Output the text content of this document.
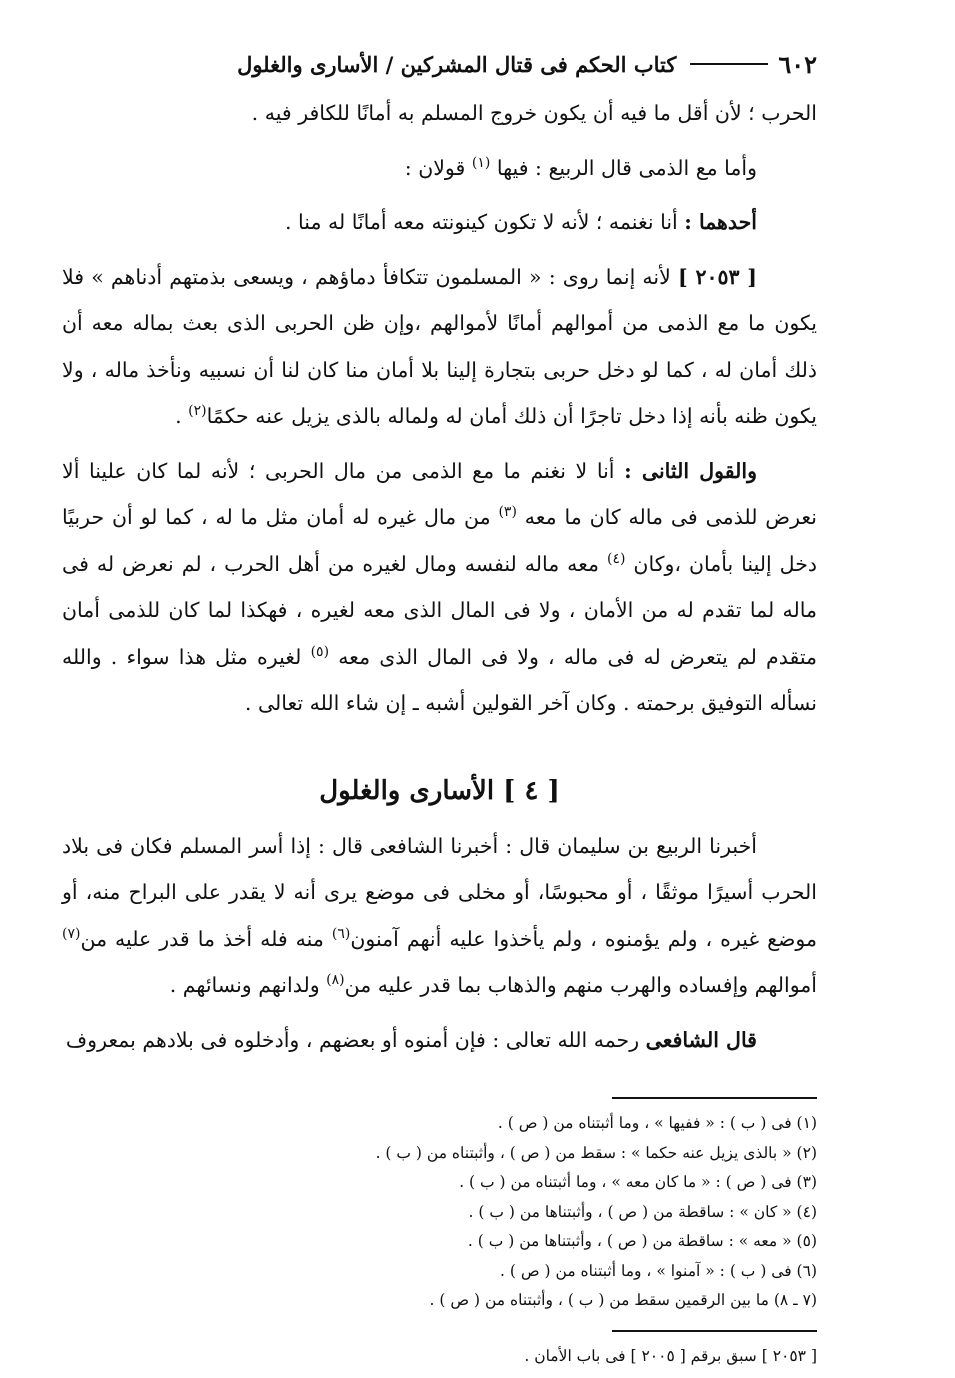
٦٠٢
كتاب الحكم فى قتال المشركين / الأسارى والغلول

الحرب ؛ لأن أقل ما فيه أن يكون خروج المسلم به أمانًا للكافر فيه .

وأما مع الذمى قال الربيع : فيها $^{(١)}$ قولان :

أحدهما : أنا نغنمه ؛ لأنه لا تكون كينونته معه أمانًا له منا .

[ ٢٠٥٣ ] لأنه إنما روى : « المسلمون تتكافأ دماؤهم ، ويسعى بذمتهم أدناهم » فلا يكون ما مع الذمى من أموالهم أمانًا لأموالهم ،وإن ظن الحربى الذى بعث بماله معه أن ذلك أمان له ، كما لو دخل حربى بتجارة إلينا بلا أمان منا كان لنا أن نسبيه ونأخذ ماله ، ولا يكون ظنه بأنه إذا دخل تاجرًا أن ذلك أمان له ولماله بالذى يزيل عنه حكمًا$^{(٢)}$ .

والقول الثانى : أنا لا نغنم ما مع الذمى من مال الحربى ؛ لأنه لما كان علينا ألا نعرض للذمى فى ماله كان ما معه $^{(٣)}$ من مال غيره له أمان مثل ما له ، كما لو أن حربيًا دخل إلينا بأمان ،وكان $^{(٤)}$ معه ماله لنفسه ومال لغيره من أهل الحرب ، لم نعرض له فى ماله لما تقدم له من الأمان ، ولا فى المال الذى معه لغيره ، فهكذا لما كان للذمى أمان متقدم لم يتعرض له فى ماله ، ولا فى المال الذى معه $^{(٥)}$ لغيره مثل هذا سواء . والله نسأله التوفيق برحمته . وكان آخر القولين أشبه ـ إن شاء الله تعالى .

[ ٤ ] الأسارى والغلول

أخبرنا الربيع بن سليمان قال : أخبرنا الشافعى قال : إذا أسر المسلم فكان فى بلاد الحرب أسيرًا موثقًا ، أو محبوسًا، أو مخلى فى موضع يرى أنه لا يقدر على البراح منه، أو موضع غيره ، ولم يؤمنوه ، ولم يأخذوا عليه أنهم آمنون$^{(٦)}$ منه فله أخذ ما قدر عليه من$^{(٧)}$ أموالهم وإفساده والهرب منهم والذهاب بما قدر عليه من$^{(٨)}$ ولدانهم ونسائهم .

قال الشافعى رحمه الله تعالى : فإن أمنوه أو بعضهم ، وأدخلوه فى بلادهم بمعروف

(١) فى ( ب ) : « ففيها » ، وما أثبتناه من ( ص ) .

(٢) « بالذى يزيل عنه حكما » : سقط من ( ص ) ، وأثبتناه من ( ب ) .

(٣) فى ( ص ) : « ما كان معه » ، وما أثبتناه من ( ب ) .

(٤) « كان » : ساقطة من ( ص ) ، وأثبتناها من ( ب ) .

(٥) « معه » : ساقطة من ( ص ) ، وأثبتناها من ( ب ) .

(٦) فى ( ب ) : « آمنوا » ، وما أثبتناه من ( ص ) .

(٧ ـ ٨) ما بين الرقمين سقط من ( ب ) ، وأثبتناه من ( ص ) .

[ ٢٠٥٣ ] سبق برقم [ ٢٠٠٥ ] فى باب الأمان .
